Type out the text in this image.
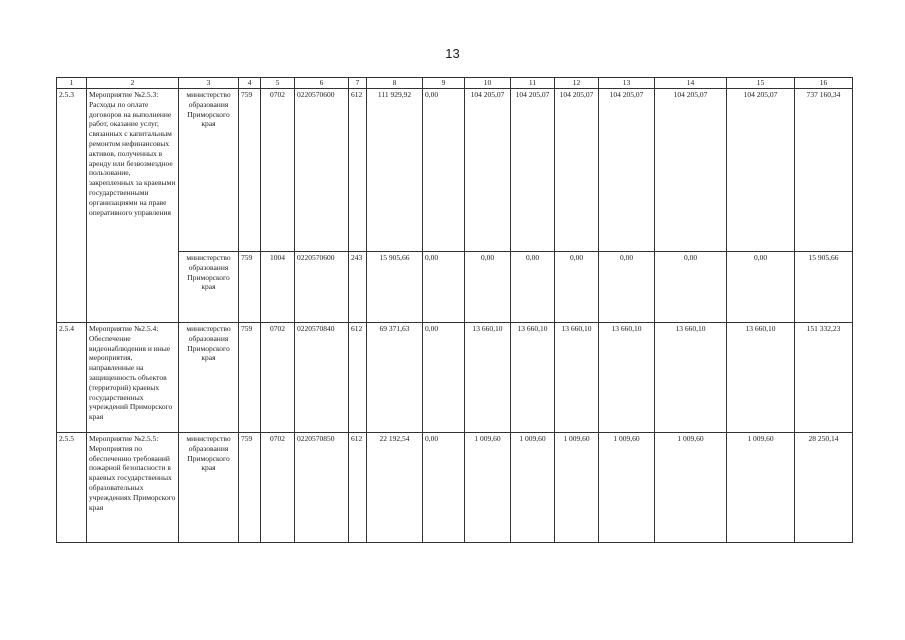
13
1	2	3	4	5	6	7	8	9	10	11	12	13	14	15	16
2.5.3	Мероприятие №2.5.3: Расходы по оплате договоров на выполнение работ, оказание услуг, связанных с капитальным ремонтом нефинансовых активов, полученных в аренду или безвозмездное пользование, закрепленных за краевыми государственными организациями на праве оперативного управления	министерство образования Приморского края	759	0702	0220570600	612	111 929,92	0,00	104 205,07	104 205,07	104 205,07	104 205,07	104 205,07	104 205,07	737 160,34
		министерство образования Приморского края	759	1004	0220570600	243	15 905,66	0,00	0,00	0,00	0,00	0,00	0,00	0,00	15 905,66
2.5.4	Мероприятие №2.5.4: Обеспечение видеонаблюдения и иные мероприятия, направленные на защищенность объектов (территорий) краевых государственных учреждений Приморского края	министерство образования Приморского края	759	0702	0220570840	612	69 371,63	0,00	13 660,10	13 660,10	13 660,10	13 660,10	13 660,10	13 660,10	151 332,23
2.5.5	Мероприятие №2.5.5: Мероприятия по обеспечению требований пожарной безопасности в краевых государственных образовательных учреждениях Приморского края	министерство образования Приморского края	759	0702	0220570850	612	22 192,54	0,00	1 009,60	1 009,60	1 009,60	1 009,60	1 009,60	1 009,60	28 250,14
